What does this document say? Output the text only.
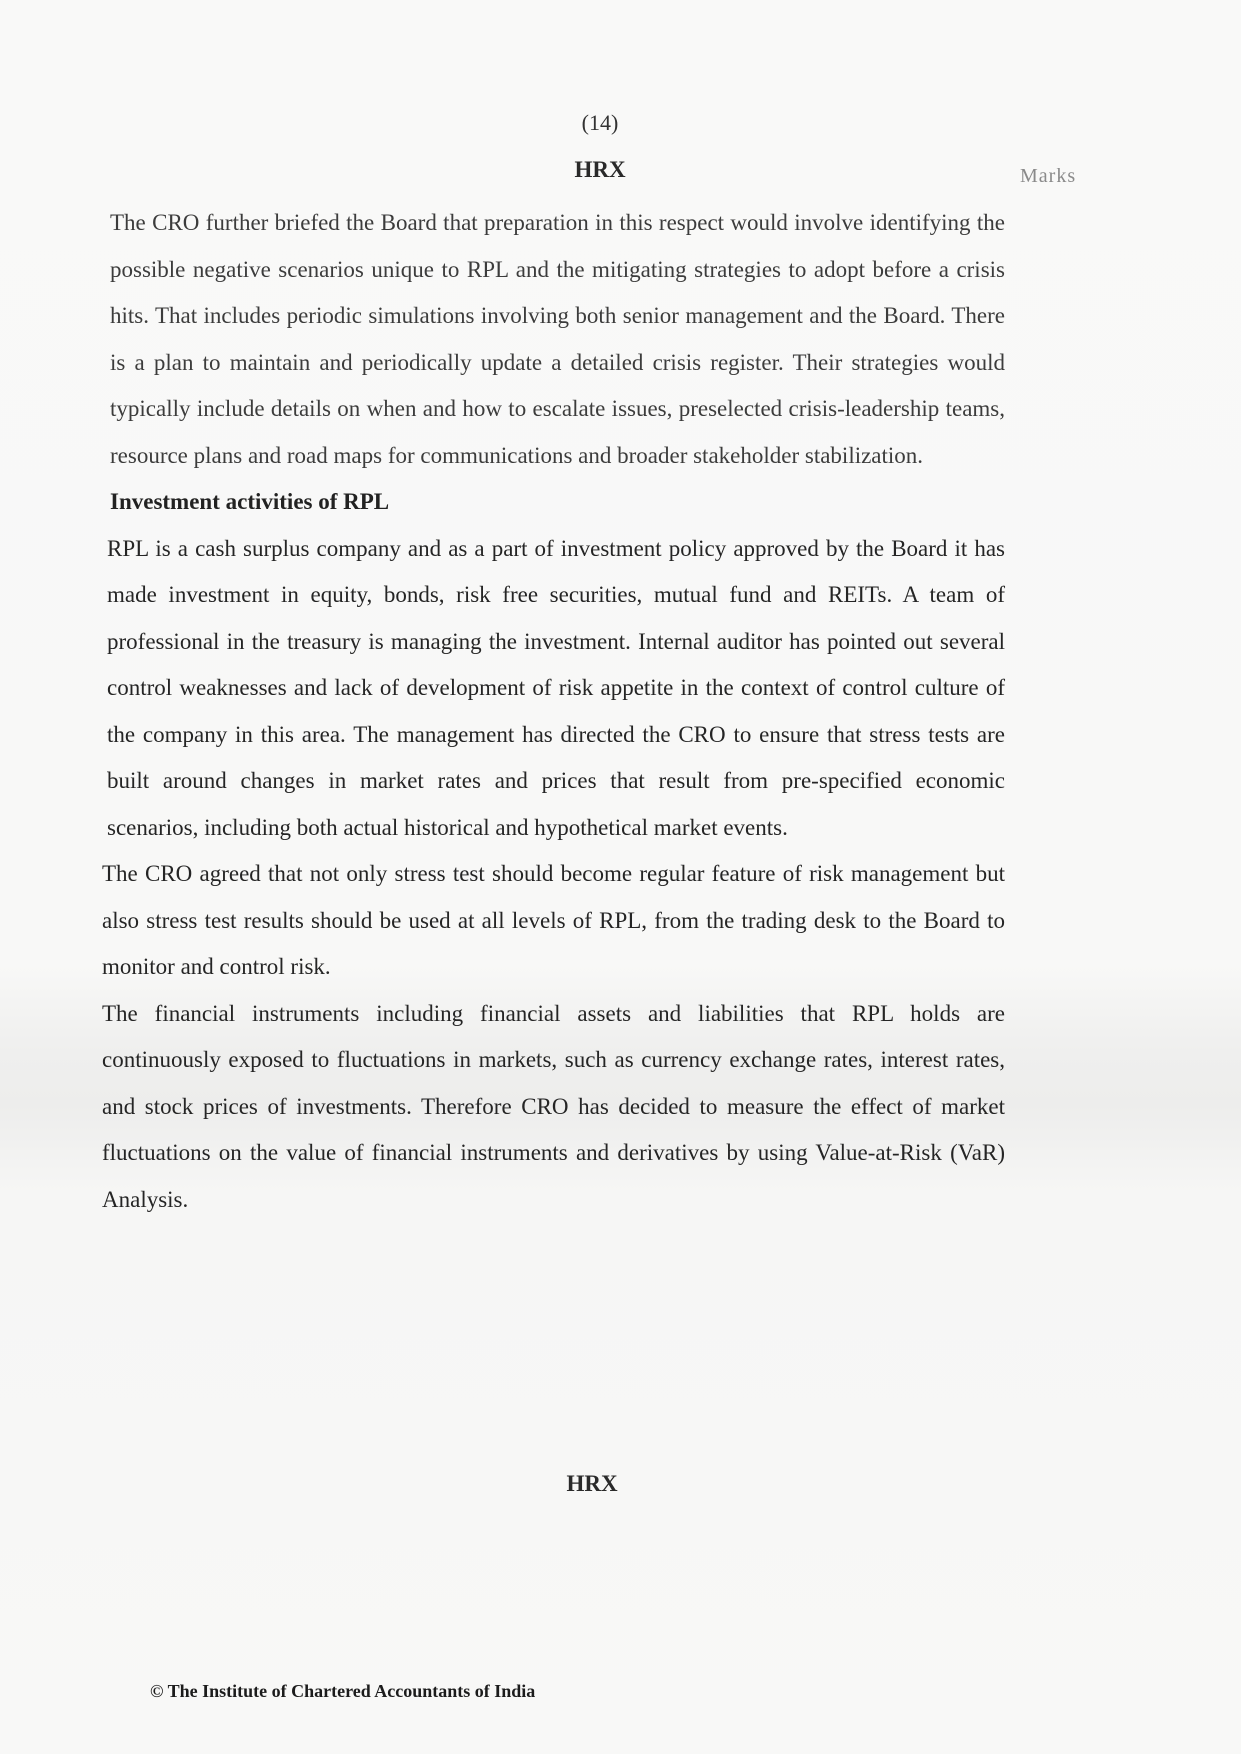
(14)
HRX	Marks

The CRO further briefed the Board that preparation in this respect would involve identifying the possible negative scenarios unique to RPL and the mitigating strategies to adopt before a crisis hits. That includes periodic simulations involving both senior management and the Board. There is a plan to maintain and periodically update a detailed crisis register. Their strategies would typically include details on when and how to escalate issues, preselected crisis-leadership teams, resource plans and road maps for communications and broader stakeholder stabilization.

Investment activities of RPL

RPL is a cash surplus company and as a part of investment policy approved by the Board it has made investment in equity, bonds, risk free securities, mutual fund and REITs. A team of professional in the treasury is managing the investment. Internal auditor has pointed out several control weaknesses and lack of development of risk appetite in the context of control culture of the company in this area. The management has directed the CRO to ensure that stress tests are built around changes in market rates and prices that result from pre-specified economic scenarios, including both actual historical and hypothetical market events.

The CRO agreed that not only stress test should become regular feature of risk management but also stress test results should be used at all levels of RPL, from the trading desk to the Board to monitor and control risk.

The financial instruments including financial assets and liabilities that RPL holds are continuously exposed to fluctuations in markets, such as currency exchange rates, interest rates, and stock prices of investments. Therefore CRO has decided to measure the effect of market fluctuations on the value of financial instruments and derivatives by using Value-at-Risk (VaR) Analysis.

HRX
© The Institute of Chartered Accountants of India
